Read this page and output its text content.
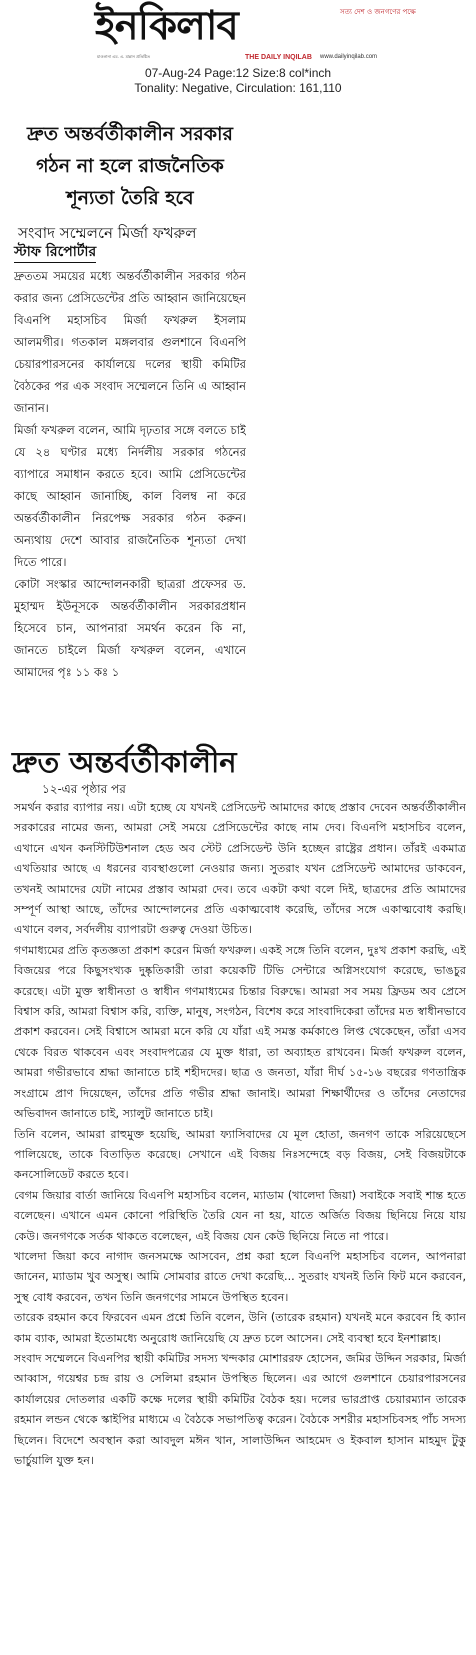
ইনকিলাব	সত্য দেশ ও জনগণের পক্ষে
মাওলানা এম. এ. মান্নান প্রতিষ্ঠিত	THE DAILY INQILAB www.dailyinqilab.com
07-Aug-24 Page:12 Size:8 col*inch
Tonality: Negative, Circulation: 161,110
দ্রুত অন্তর্বর্তীকালীন সরকার
গঠন না হলে রাজনৈতিক
শূন্যতা তৈরি হবে
সংবাদ সম্মেলনে মির্জা ফখরুল
স্টাফ রিপোর্টার

দ্রুততম সময়ের মধ্যে অন্তর্বর্তীকালীন সরকার গঠন করার জন্য প্রেসিডেন্টের প্রতি আহ্বান জানিয়েছেন বিএনপি মহাসচিব মির্জা ফখরুল ইসলাম আলমগীর। গতকাল মঙ্গলবার গুলশানে বিএনপি চেয়ারপারসনের কার্যালয়ে দলের স্থায়ী কমিটির বৈঠকের পর এক সংবাদ সম্মেলনে তিনি এ আহ্বান জানান।

মির্জা ফখরুল বলেন, আমি দৃঢ়তার সঙ্গে বলতে চাই যে ২৪ ঘণ্টার মধ্যে নির্দলীয় সরকার গঠনের ব্যাপারে সমাধান করতে হবে। আমি প্রেসিডেন্টের কাছে আহ্বান জানাচ্ছি, কাল বিলম্ব না করে অন্তর্বর্তীকালীন নিরপেক্ষ সরকার গঠন করুন। অন্যথায় দেশে আবার রাজনৈতিক শূন্যতা দেখা দিতে পারে।

কোটা সংস্কার আন্দোলনকারী ছাত্ররা প্রফেসর ড. মুহাম্মদ ইউনূসকে অন্তর্বর্তীকালীন সরকারপ্রধান হিসেবে চান, আপনারা সমর্থন করেন কি না, জানতে চাইলে মির্জা ফখরুল বলেন, এখানে আমাদের পৃঃ ১১ কঃ ১

দ্রুত অন্তর্বর্তীকালীন
১২-এর পৃষ্ঠার পর

সমর্থন করার ব্যাপার নয়। এটা হচ্ছে যে যখনই প্রেসিডেন্ট আমাদের কাছে প্রস্তাব দেবেন অন্তর্বর্তীকালীন সরকারের নামের জন্য, আমরা সেই সময়ে প্রেসিডেন্টের কাছে নাম দেব। বিএনপি মহাসচিব বলেন, এখানে এখন কনস্টিটিউশনাল হেড অব স্টেট প্রেসিডেন্ট উনি হচ্ছেন রাষ্ট্রের প্রধান। তাঁরই একমাত্র এখতিয়ার আছে এ ধরনের ব্যবস্থাগুলো নেওয়ার জন্য। সুতরাং যখন প্রেসিডেন্ট আমাদের ডাকবেন, তখনই আমাদের যেটা নামের প্রস্তাব আমরা দেব। তবে একটা কথা বলে দিই, ছাত্রদের প্রতি আমাদের সম্পূর্ণ আস্থা আছে, তাঁদের আন্দোলনের প্রতি একাত্মবোধ করেছি, তাঁদের সঙ্গে একাত্মবোধ করছি। এখানে বলব, সর্বদলীয় ব্যাপারটা গুরুত্ব দেওয়া উচিত।

গণমাধ্যমের প্রতি কৃতজ্ঞতা প্রকাশ করেন মির্জা ফখরুল। একই সঙ্গে তিনি বলেন, দুঃখ প্রকাশ করছি, এই বিজয়ের পরে কিছুসংখ্যক দুষ্কৃতিকারী তারা কয়েকটি টিভি সেন্টারে অগ্নিসংযোগ করেছে, ভাঙচুর করেছে। এটা মুক্ত স্বাধীনতা ও স্বাধীন গণমাধ্যমের চিন্তার বিরুদ্ধে। আমরা সব সময় ফ্রিডম অব প্রেসে বিশ্বাস করি, আমরা বিশ্বাস করি, ব্যক্তি, মানুষ, সংগঠন, বিশেষ করে সাংবাদিকেরা তাঁদের মত স্বাধীনভাবে প্রকাশ করবেন। সেই বিশ্বাসে আমরা মনে করি যে যাঁরা এই সমস্ত কর্মকাণ্ডে লিপ্ত থেকেছেন, তাঁরা এসব থেকে বিরত থাকবেন এবং সংবাদপত্রের যে মুক্ত ধারা, তা অব্যাহত রাখবেন। মির্জা ফখরুল বলেন, আমরা গভীরভাবে শ্রদ্ধা জানাতে চাই শহীদদের। ছাত্র ও জনতা, যাঁরা দীর্ঘ ১৫-১৬ বছরের গণতান্ত্রিক সংগ্রামে প্রাণ দিয়েছেন, তাঁদের প্রতি গভীর শ্রদ্ধা জানাই। আমরা শিক্ষার্থীদের ও তাঁদের নেতাদের অভিবাদন জানাতে চাই, স্যালুট জানাতে চাই।

তিনি বলেন, আমরা রাহুমুক্ত হয়েছি, আমরা ফ্যাসিবাদের যে মূল হোতা, জনগণ তাকে সরিয়েছেসে পালিয়েছে, তাকে বিতাড়িত করেছে। সেখানে এই বিজয় নিঃসন্দেহে বড় বিজয়, সেই বিজয়টাকে কনসোলিডেট করতে হবে।

বেগম জিয়ার বার্তা জানিয়ে বিএনপি মহাসচিব বলেন, ম্যাডাম (খালেদা জিয়া) সবাইকে সবাই শান্ত হতে বলেছেন। এখানে এমন কোনো পরিস্থিতি তৈরি যেন না হয়, যাতে অর্জিত বিজয় ছিনিয়ে নিয়ে যায় কেউ। জনগণকে সর্তক থাকতে বলেছেন, এই বিজয় যেন কেউ ছিনিয়ে নিতে না পারে।

খালেদা জিয়া কবে নাগাদ জনসমক্ষে আসবেন, প্রশ্ন করা হলে বিএনপি মহাসচিব বলেন, আপনারা জানেন, ম্যাডাম খুব অসুস্থ। আমি সোমবার রাতে দেখা করেছি... সুতরাং যখনই তিনি ফিট মনে করবেন, সুস্থ বোধ করবেন, তখন তিনি জনগণের সামনে উপস্থিত হবেন।

তারেক রহমান কবে ফিরবেন এমন প্রশ্নে তিনি বলেন, উনি (তারেক রহমান) যখনই মনে করবেন হি ক্যান কাম ব্যাক, আমরা ইতোমধ্যে অনুরোধ জানিয়েছি যে দ্রুত চলে আসেন। সেই ব্যবস্থা হবে ইনশাল্লাহ।

সংবাদ সম্মেলনে বিএনপির স্থায়ী কমিটির সদস্য খন্দকার মোশাররফ হোসেন, জমির উদ্দিন সরকার, মির্জা আব্বাস, গয়েশ্বর চন্দ্র রায় ও সেলিমা রহমান উপস্থিত ছিলেন। এর আগে গুলশানে চেয়ারপারসনের কার্যালয়ের দোতলার একটি কক্ষে দলের স্থায়ী কমিটির বৈঠক হয়। দলের ভারপ্রাপ্ত চেয়ারম্যান তারেক রহমান লন্ডন থেকে স্কাইপির মাধ্যমে এ বৈঠকে সভাপতিত্ব করেন। বৈঠকে সশরীর মহাসচিবসহ পাঁচ সদস্য ছিলেন। বিদেশে অবস্থান করা আবদুল মঈন খান, সালাউদ্দিন আহমেদ ও ইকবাল হাসান মাহমুদ টুকু ভার্চুয়ালি যুক্ত হন।
